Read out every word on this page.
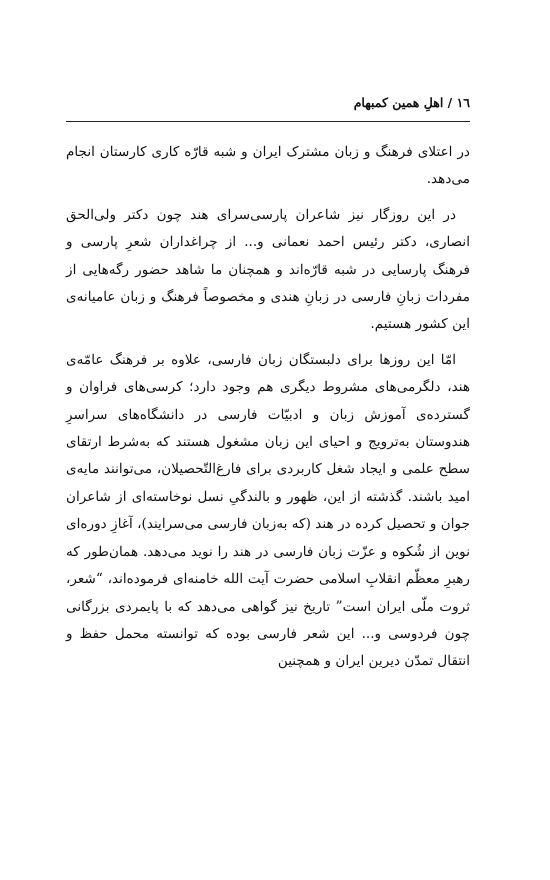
١٦ / اهلِ همین کمبهام

در اعتلای فرهنگ و زبان مشترک ایران و شبه قارّه کاری کارستان انجام می‌دهد.

در این روزگار نیز شاعران پارسی‌سرای هند چون دکتر ولی‌الحق انصاری، دکتر رئیس احمد نعمانی و... از چراغداران شعرِ پارسی و فرهنگ پارسایی در شبه قارّه‌اند و همچنان ما شاهد حضور رگه‌هایی از مفردات زبانِ فارسی در زبانِ هندی و مخصوصاً فرهنگ و زبان عامیانه‌ی این کشور هستیم.

امّا این روزها برای دلبستگان زبان فارسی، علاوه بر فرهنگ عامّه‌ی هند، دلگرمی‌های مشروط دیگری هم وجود دارد؛ کرسی‌های فراوان و گسترده‌ی آموزش زبان و ادبیّات فارسی در دانشگاه‌های سراسرِ هندوستان به‌ترویج و احیای این زبان مشغول هستند که به‌شرط ارتقای سطح علمی و ایجاد شغل کاربردی برای فارغ‌التّحصیلان، می‌توانند مایه‌ی امید باشند. گذشته از این، ظهور و بالندگیِ نسل نوخاسته‌ای از شاعران جوان و تحصیل کرده در هند (که به‌زبان فارسی می‌سرایند)، آغازِ دوره‌ای نوین از شُکوه و عزّت زبان فارسی در هند را نوید می‌دهد. همان‌طور که رهبرِ معظّم انقلابِ اسلامی حضرت آیت الله خامنه‌ای فرموده‌اند، “شعر، ثروت ملّی ایران است” تاریخ نیز گواهی می‌دهد که با پایمردی بزرگانی چون فردوسی و... این شعر فارسی بوده که توانسته محمل حفظ و انتقال تمدّن دیرین ایران و همچنین
